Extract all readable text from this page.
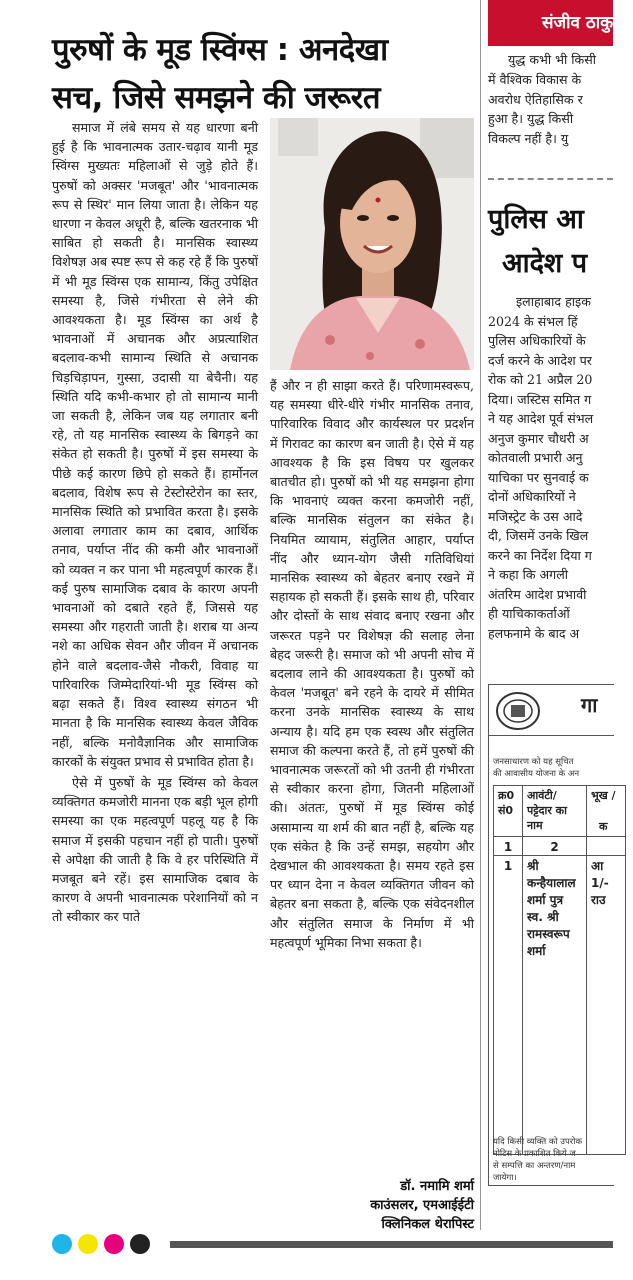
पुरुषों के मूड स्विंग्स : अनदेखा
सच, जिसे समझने की जरूरत

समाज में लंबे समय से यह धारणा बनी हुई है कि भावनात्मक उतार-चढ़ाव यानी मूड स्विंग्स मुख्यतः महिलाओं से जुड़े होते हैं। पुरुषों को अक्सर 'मजबूत' और 'भावनात्मक रूप से स्थिर' मान लिया जाता है। लेकिन यह धारणा न केवल अधूरी है, बल्कि खतरनाक भी साबित हो सकती है। मानसिक स्वास्थ्य विशेषज्ञ अब स्पष्ट रूप से कह रहे हैं कि पुरुषों में भी मूड स्विंग्स एक सामान्य, किंतु उपेक्षित समस्या है, जिसे गंभीरता से लेने की आवश्यकता है। मूड स्विंग्स का अर्थ है भावनाओं में अचानक और अप्रत्याशित बदलाव-कभी सामान्य स्थिति से अचानक चिड़चिड़ापन, गुस्सा, उदासी या बेचैनी। यह स्थिति यदि कभी-कभार हो तो सामान्य मानी जा सकती है, लेकिन जब यह लगातार बनी रहे, तो यह मानसिक स्वास्थ्य के बिगड़ने का संकेत हो सकती है। पुरुषों में इस समस्या के पीछे कई कारण छिपे हो सकते हैं। हार्मोनल बदलाव, विशेष रूप से टेस्टोस्टेरोन का स्तर, मानसिक स्थिति को प्रभावित करता है। इसके अलावा लगातार काम का दबाव, आर्थिक तनाव, पर्याप्त नींद की कमी और भावनाओं को व्यक्त न कर पाना भी महत्वपूर्ण कारक हैं। कई पुरुष सामाजिक दबाव के कारण अपनी भावनाओं को दबाते रहते हैं, जिससे यह समस्या और गहराती जाती है। शराब या अन्य नशे का अधिक सेवन और जीवन में अचानक होने वाले बदलाव-जैसे नौकरी, विवाह या पारिवारिक जिम्मेदारियां-भी मूड स्विंग्स को बढ़ा सकते हैं। विश्व स्वास्थ्य संगठन भी मानता है कि मानसिक स्वास्थ्य केवल जैविक नहीं, बल्कि मनोवैज्ञानिक और सामाजिक कारकों के संयुक्त प्रभाव से प्रभावित होता है।

ऐसे में पुरुषों के मूड स्विंग्स को केवल व्यक्तिगत कमजोरी मानना एक बड़ी भूल होगी समस्या का एक महत्वपूर्ण पहलू यह है कि समाज में इसकी पहचान नहीं हो पाती। पुरुषों से अपेक्षा की जाती है कि वे हर परिस्थिति में मजबूत बने रहें। इस सामाजिक दबाव के कारण वे अपनी भावनात्मक परेशानियों को न तो स्वीकार कर पाते

हैं और न ही साझा करते हैं। परिणामस्वरूप, यह समस्या धीरे-धीरे गंभीर मानसिक तनाव, पारिवारिक विवाद और कार्यस्थल पर प्रदर्शन में गिरावट का कारण बन जाती है। ऐसे में यह आवश्यक है कि इस विषय पर खुलकर बातचीत हो। पुरुषों को भी यह समझना होगा कि भावनाएं व्यक्त करना कमजोरी नहीं, बल्कि मानसिक संतुलन का संकेत है। नियमित व्यायाम, संतुलित आहार, पर्याप्त नींद और ध्यान-योग जैसी गतिविधियां मानसिक स्वास्थ्य को बेहतर बनाए रखने में सहायक हो सकती हैं। इसके साथ ही, परिवार और दोस्तों के साथ संवाद बनाए रखना और जरूरत पड़ने पर विशेषज्ञ की सलाह लेना बेहद जरूरी है। समाज को भी अपनी सोच में बदलाव लाने की आवश्यकता है। पुरुषों को केवल 'मजबूत' बने रहने के दायरे में सीमित करना उनके मानसिक स्वास्थ्य के साथ अन्याय है। यदि हम एक स्वस्थ और संतुलित समाज की कल्पना करते हैं, तो हमें पुरुषों की भावनात्मक जरूरतों को भी उतनी ही गंभीरता से स्वीकार करना होगा, जितनी महिलाओं की। अंततः, पुरुषों में मूड स्विंग्स कोई असामान्य या शर्म की बात नहीं है, बल्कि यह एक संकेत है कि उन्हें समझ, सहयोग और देखभाल की आवश्यकता है। समय रहते इस पर ध्यान देना न केवल व्यक्तिगत जीवन को बेहतर बना सकता है, बल्कि एक संवेदनशील और संतुलित समाज के निर्माण में भी महत्वपूर्ण भूमिका निभा सकता है।

डॉ. नमामि शर्मा
काउंसलर, एमआईईटी
क्लिनिकल थेरापिस्ट
संजीव ठाकु
युद्ध कभी भी किसी
में वैश्विक विकास के
अवरोध ऐतिहासिक र
हुआ है। युद्ध किसी
विकल्प नहीं है। यु
पुलिस आ
आदेश प
इलाहाबाद हाइक
2024 के संभल हिं
पुलिस अधिकारियों के
दर्ज करने के आदेश पर
रोक को 21 अप्रैल 20
दिया। जस्टिस समित ग
ने यह आदेश पूर्व संभल
अनुज कुमार चौधरी अ
कोतवाली प्रभारी अनु
याचिका पर सुनवाई क
दोनों अधिकारियों ने
मजिस्ट्रेट के उस आदे
दी, जिसमें उनके खिल
करने का निर्देश दिया ग
ने कहा कि अगली
अंतरिम आदेश प्रभावी
ही याचिकाकर्ताओं
हलफनामे के बाद अ
गा
जनसाधारण को यह सूचित
की आवासीय योजना के अन
क्र0 सं0
आवंटी/ पट्टेदार का नाम
भूख /
क
1	2
1	श्री कन्हैयालाल शर्मा पुत्र स्व. श्री रामस्वरूप शर्मा
आ
1/-
राउ
यदि किसी व्यक्ति को उपरोक
नोटिस के प्रकाशित किये ज
से सम्पत्ति का अन्तरण/नाम
जायेगा।
